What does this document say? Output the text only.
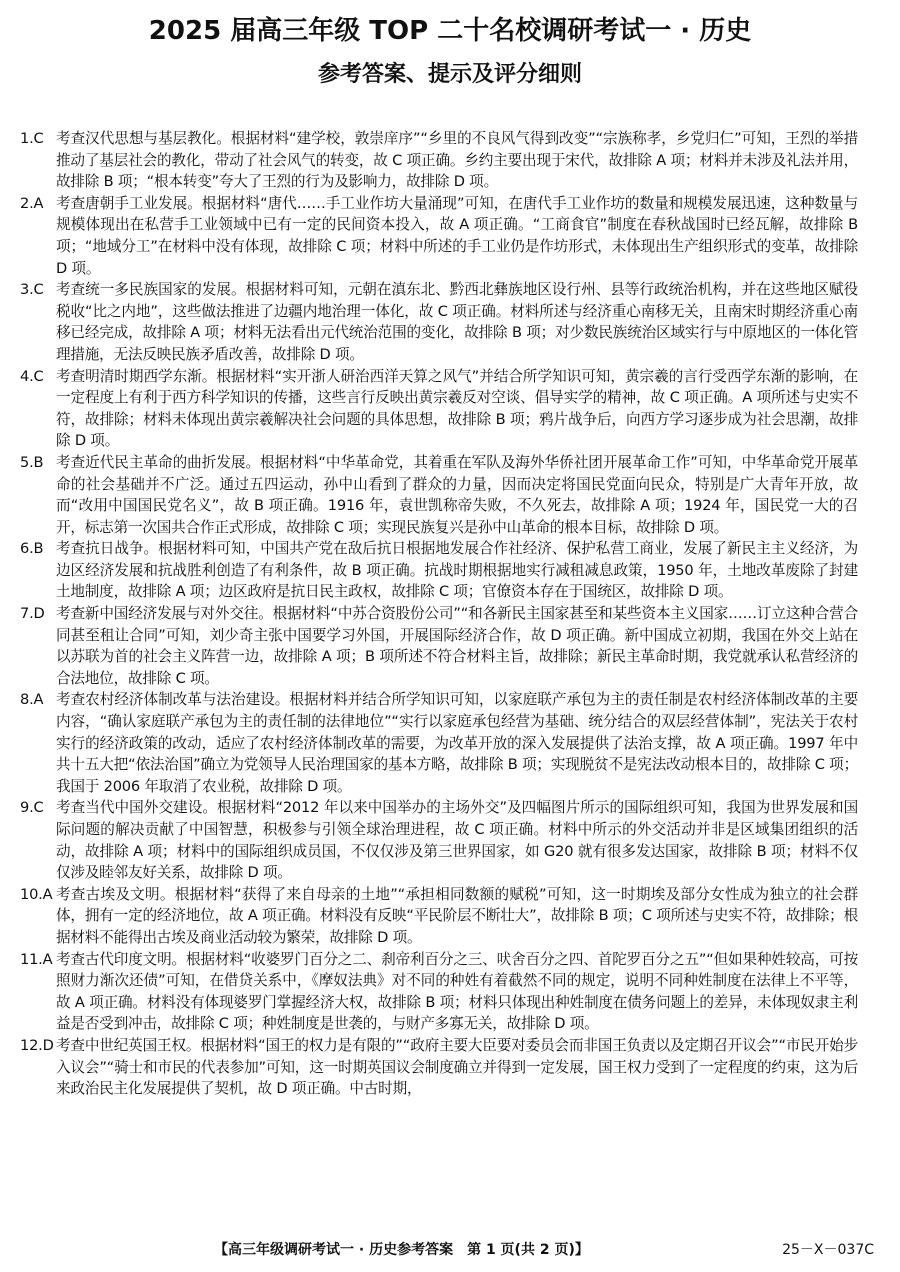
2025 届高三年级 TOP 二十名校调研考试一 · 历史
参考答案、提示及评分细则
1.C 考查汉代思想与基层教化。根据材料“建学校，敦崇庠序”“乡里的不良风气得到改变”“宗族称孝，乡党归仁”可知，王烈的举措推动了基层社会的教化，带动了社会风气的转变，故 C 项正确。乡约主要出现于宋代，故排除 A 项；材料并未涉及礼法并用，故排除 B 项；“根本转变”夸大了王烈的行为及影响力，故排除 D 项。
2.A 考查唐朝手工业发展。根据材料“唐代……手工业作坊大量涌现”可知，在唐代手工业作坊的数量和规模发展迅速，这种数量与规模体现出在私营手工业领域中已有一定的民间资本投入，故 A 项正确。“工商食官”制度在春秋战国时已经瓦解，故排除 B 项；“地域分工”在材料中没有体现，故排除 C 项；材料中所述的手工业仍是作坊形式，未体现出生产组织形式的变革，故排除 D 项。
3.C 考查统一多民族国家的发展。根据材料可知，元朝在滇东北、黔西北彝族地区设行州、县等行政统治机构，并在这些地区赋役税收“比之内地”，这些做法推进了边疆内地治理一体化，故 C 项正确。材料所述与经济重心南移无关，且南宋时期经济重心南移已经完成，故排除 A 项；材料无法看出元代统治范围的变化，故排除 B 项；对少数民族统治区域实行与中原地区的一体化管理措施，无法反映民族矛盾改善，故排除 D 项。
4.C 考查明清时期西学东渐。根据材料“实开浙人研治西洋天算之风气”并结合所学知识可知，黄宗羲的言行受西学东渐的影响，在一定程度上有利于西方科学知识的传播，这些言行反映出黄宗羲反对空谈、倡导实学的精神，故 C 项正确。A 项所述与史实不符，故排除；材料未体现出黄宗羲解决社会问题的具体思想，故排除 B 项；鸦片战争后，向西方学习逐步成为社会思潮，故排除 D 项。
5.B 考查近代民主革命的曲折发展。根据材料“中华革命党，其着重在军队及海外华侨社团开展革命工作”可知，中华革命党开展革命的社会基础并不广泛。通过五四运动，孙中山看到了群众的力量，因而决定将国民党面向民众，特别是广大青年开放，故而“改用中国国民党名义”，故 B 项正确。1916 年，袁世凯称帝失败，不久死去，故排除 A 项；1924 年，国民党一大的召开，标志第一次国共合作正式形成，故排除 C 项；实现民族复兴是孙中山革命的根本目标，故排除 D 项。
6.B 考查抗日战争。根据材料可知，中国共产党在敌后抗日根据地发展合作社经济、保护私营工商业，发展了新民主主义经济，为边区经济发展和抗战胜利创造了有利条件，故 B 项正确。抗战时期根据地实行减租减息政策，1950 年，土地改革废除了封建土地制度，故排除 A 项；边区政府是抗日民主政权，故排除 C 项；官僚资本存在于国统区，故排除 D 项。
7.D 考查新中国经济发展与对外交往。根据材料“中苏合资股份公司”“和各新民主国家甚至和某些资本主义国家……订立这种合营合同甚至租让合同”可知，刘少奇主张中国要学习外国，开展国际经济合作，故 D 项正确。新中国成立初期，我国在外交上站在以苏联为首的社会主义阵营一边，故排除 A 项；B 项所述不符合材料主旨，故排除；新民主革命时期，我党就承认私营经济的合法地位，故排除 C 项。
8.A 考查农村经济体制改革与法治建设。根据材料并结合所学知识可知，以家庭联产承包为主的责任制是农村经济体制改革的主要内容，“确认家庭联产承包为主的责任制的法律地位”“实行以家庭承包经营为基础、统分结合的双层经营体制”，宪法关于农村实行的经济政策的改动，适应了农村经济体制改革的需要，为改革开放的深入发展提供了法治支撑，故 A 项正确。1997 年中共十五大把“依法治国”确立为党领导人民治理国家的基本方略，故排除 B 项；实现脱贫不是宪法改动根本目的，故排除 C 项；我国于 2006 年取消了农业税，故排除 D 项。
9.C 考查当代中国外交建设。根据材料“2012 年以来中国举办的主场外交”及四幅图片所示的国际组织可知，我国为世界发展和国际问题的解决贡献了中国智慧，积极参与引领全球治理进程，故 C 项正确。材料中所示的外交活动并非是区域集团组织的活动，故排除 A 项；材料中的国际组织成员国，不仅仅涉及第三世界国家，如 G20 就有很多发达国家，故排除 B 项；材料不仅仅涉及睦邻友好关系，故排除 D 项。
10.A 考查古埃及文明。根据材料“获得了来自母亲的土地”“承担相同数额的赋税”可知，这一时期埃及部分女性成为独立的社会群体，拥有一定的经济地位，故 A 项正确。材料没有反映“平民阶层不断壮大”，故排除 B 项；C 项所述与史实不符，故排除；根据材料不能得出古埃及商业活动较为繁荣，故排除 D 项。
11.A 考查古代印度文明。根据材料“收婆罗门百分之二、刹帝利百分之三、吠舍百分之四、首陀罗百分之五”“但如果种姓较高，可按照财力渐次还债”可知，在借贷关系中，《摩奴法典》对不同的种姓有着截然不同的规定，说明不同种姓制度在法律上不平等，故 A 项正确。材料没有体现婆罗门掌握经济大权，故排除 B 项；材料只体现出种姓制度在债务问题上的差异，未体现奴隶主利益是否受到冲击，故排除 C 项；种姓制度是世袭的，与财产多寡无关，故排除 D 项。
12.D 考查中世纪英国王权。根据材料“国王的权力是有限的”“政府主要大臣要对委员会而非国王负责以及定期召开议会”“市民开始步入议会”“骑士和市民的代表参加”可知，这一时期英国议会制度确立并得到一定发展，国王权力受到了一定程度的约束，这为后来政治民主化发展提供了契机，故 D 项正确。中古时期，
【高三年级调研考试一 · 历史参考答案　第 1 页(共 2 页)】	25－X－037C
